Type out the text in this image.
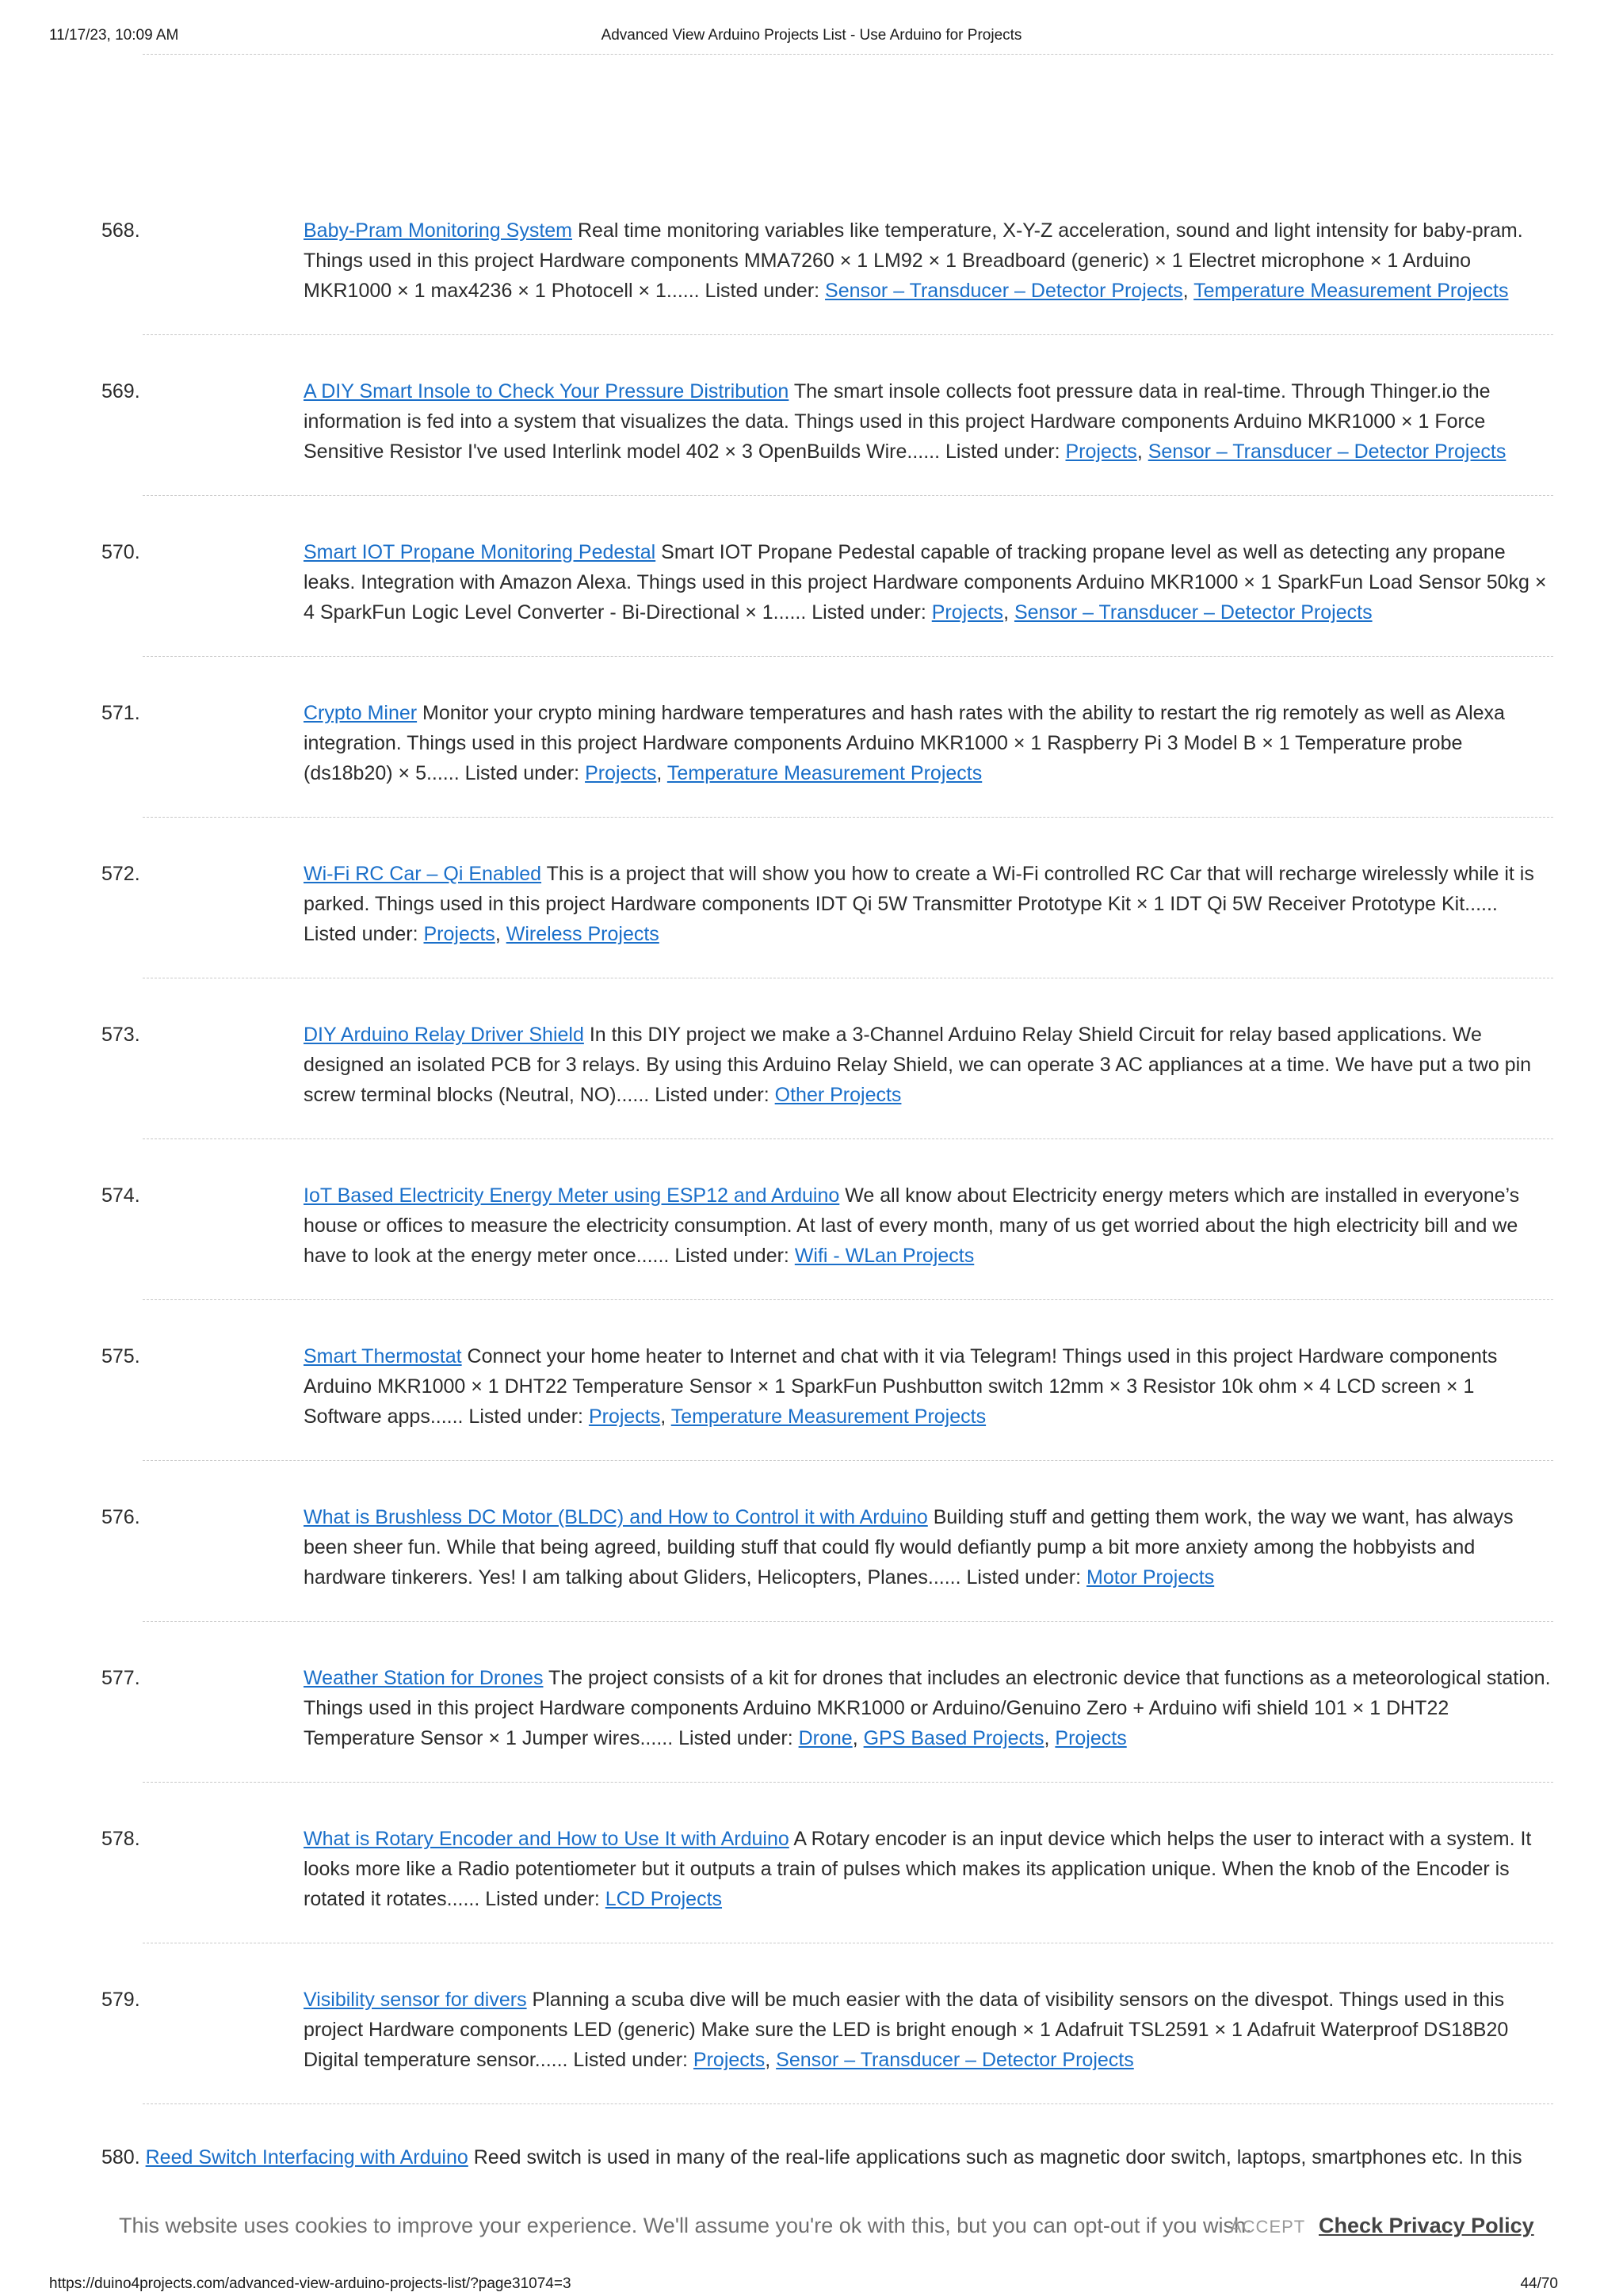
11/17/23, 10:09 AM	Advanced View Arduino Projects List - Use Arduino for Projects
568.	Baby-Pram Monitoring System Real time monitoring variables like temperature, X-Y-Z acceleration, sound and light intensity for baby-pram. Things used in this project Hardware components MMA7260 × 1 LM92 × 1 Breadboard (generic) × 1 Electret microphone × 1 Arduino MKR1000 × 1 max4236 × 1 Photocell × 1...... Listed under: Sensor – Transducer – Detector Projects, Temperature Measurement Projects
569.	A DIY Smart Insole to Check Your Pressure Distribution The smart insole collects foot pressure data in real-time. Through Thinger.io the information is fed into a system that visualizes the data. Things used in this project Hardware components Arduino MKR1000 × 1 Force Sensitive Resistor I've used Interlink model 402 × 3 OpenBuilds Wire...... Listed under: Projects, Sensor – Transducer – Detector Projects
570.	Smart IOT Propane Monitoring Pedestal Smart IOT Propane Pedestal capable of tracking propane level as well as detecting any propane leaks. Integration with Amazon Alexa. Things used in this project Hardware components Arduino MKR1000 × 1 SparkFun Load Sensor 50kg × 4 SparkFun Logic Level Converter - Bi-Directional × 1...... Listed under: Projects, Sensor – Transducer – Detector Projects
571.	Crypto Miner Monitor your crypto mining hardware temperatures and hash rates with the ability to restart the rig remotely as well as Alexa integration. Things used in this project Hardware components Arduino MKR1000 × 1 Raspberry Pi 3 Model B × 1 Temperature probe (ds18b20) × 5...... Listed under: Projects, Temperature Measurement Projects
572.	Wi-Fi RC Car – Qi Enabled This is a project that will show you how to create a Wi-Fi controlled RC Car that will recharge wirelessly while it is parked. Things used in this project Hardware components IDT Qi 5W Transmitter Prototype Kit × 1 IDT Qi 5W Receiver Prototype Kit...... Listed under: Projects, Wireless Projects
573.	DIY Arduino Relay Driver Shield In this DIY project we make a 3-Channel Arduino Relay Shield Circuit for relay based applications. We designed an isolated PCB for 3 relays. By using this Arduino Relay Shield, we can operate 3 AC appliances at a time. We have put a two pin screw terminal blocks (Neutral, NO)...... Listed under: Other Projects
574.	IoT Based Electricity Energy Meter using ESP12 and Arduino We all know about Electricity energy meters which are installed in everyone’s house or offices to measure the electricity consumption. At last of every month, many of us get worried about the high electricity bill and we have to look at the energy meter once...... Listed under: Wifi - WLan Projects
575.	Smart Thermostat Connect your home heater to Internet and chat with it via Telegram! Things used in this project Hardware components Arduino MKR1000 × 1 DHT22 Temperature Sensor × 1 SparkFun Pushbutton switch 12mm × 3 Resistor 10k ohm × 4 LCD screen × 1 Software apps...... Listed under: Projects, Temperature Measurement Projects
576.	What is Brushless DC Motor (BLDC) and How to Control it with Arduino Building stuff and getting them work, the way we want, has always been sheer fun. While that being agreed, building stuff that could fly would defiantly pump a bit more anxiety among the hobbyists and hardware tinkerers. Yes! I am talking about Gliders, Helicopters, Planes...... Listed under: Motor Projects
577.	Weather Station for Drones The project consists of a kit for drones that includes an electronic device that functions as a meteorological station. Things used in this project Hardware components Arduino MKR1000 or Arduino/Genuino Zero + Arduino wifi shield 101 × 1 DHT22 Temperature Sensor × 1 Jumper wires...... Listed under: Drone, GPS Based Projects, Projects
578.	What is Rotary Encoder and How to Use It with Arduino A Rotary encoder is an input device which helps the user to interact with a system. It looks more like a Radio potentiometer but it outputs a train of pulses which makes its application unique. When the knob of the Encoder is rotated it rotates...... Listed under: LCD Projects
579.	Visibility sensor for divers Planning a scuba dive will be much easier with the data of visibility sensors on the divespot. Things used in this project Hardware components LED (generic) Make sure the LED is bright enough × 1 Adafruit TSL2591 × 1 Adafruit Waterproof DS18B20 Digital temperature sensor...... Listed under: Projects, Sensor – Transducer – Detector Projects
580. Reed Switch Interfacing with Arduino Reed switch is used in many of the real-life applications such as magnetic door switch, laptops, smartphones etc. In this
This website uses cookies to improve your experience. We'll assume you're ok with this, but you can opt-out if you wish.
ACCEPT Check Privacy Policy
https://duino4projects.com/advanced-view-arduino-projects-list/?page31074=3	44/70
